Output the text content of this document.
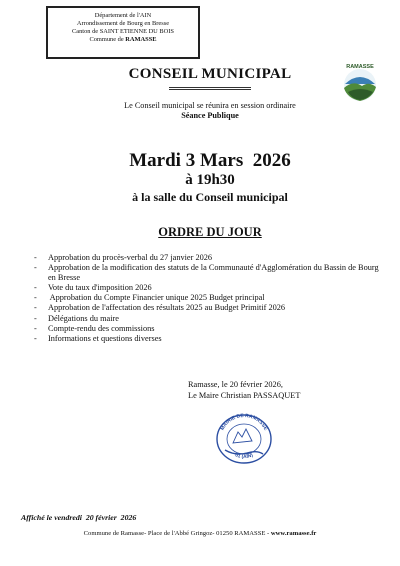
Département de l'AIN
Arrondissement de Bourg en Bresse
Canton de SAINT ETIENNE DU BOIS
Commune de RAMASSE
RAMASSE
CONSEIL MUNICIPAL
Le Conseil municipal se réunira en session ordinaire
Séance Publique
Mardi 3 Mars  2026
à 19h30
à la salle du Conseil municipal
ORDRE DU JOUR
- Approbation du procès-verbal du 27 janvier 2026
- Approbation de la modification des statuts de la Communauté d'Agglomération du Bassin de Bourg en Bresse
- Vote du taux d'imposition 2026
-  Approbation du Compte Financier unique 2025 Budget principal
- Approbation de l'affectation des résultats 2025 au Budget Primitif 2026
- Délégations du maire
- Compte-rendu des commissions
- Informations et questions diverses
Ramasse, le 20 février 2026,
Le Maire Christian PASSAQUET
MAIRIE DE RAMASSE
01 (AIN)
Affiché le vendredi  20 février  2026
Commune de Ramasse- Place de l'Abbé Gringoz- 01250 RAMASSE - www.ramasse.fr
